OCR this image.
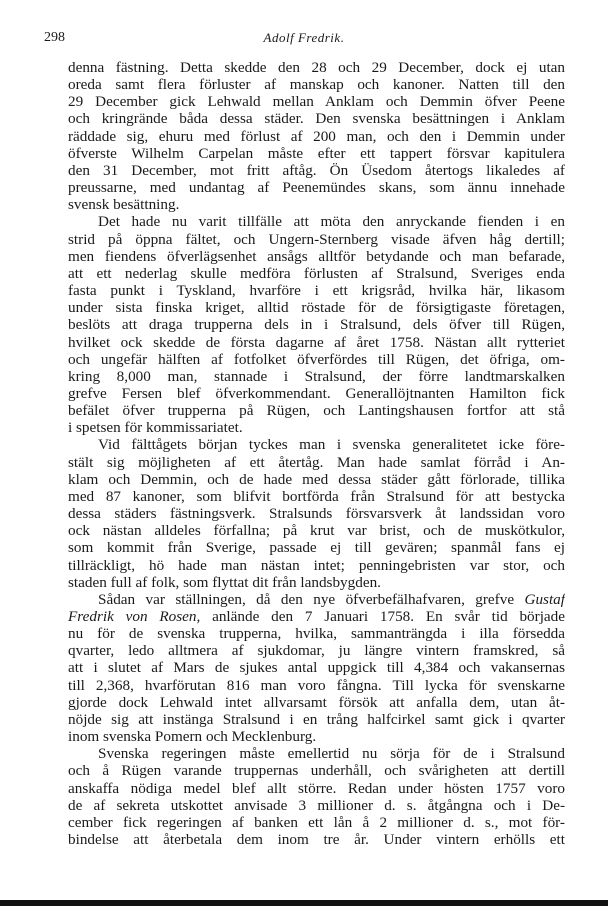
298	Adolf Fredrik.
denna fästning. Detta skedde den 28 och 29 December, dock ej utan
oreda samt flera förluster af manskap och kanoner. Natten till den
29 December gick Lehwald mellan Anklam och Demmin öfver Peene
och kringrände båda dessa städer. Den svenska besättningen i Anklam
räddade sig, ehuru med förlust af 200 man, och den i Demmin under
öfverste Wilhelm Carpelan måste efter ett tappert försvar kapitulera
den 31 December, mot fritt aftåg. Ön Üsedom återtogs likaledes af
preussarne, med undantag af Peenemündes skans, som ännu innehade
svensk besättning.
Det hade nu varit tillfälle att möta den anryckande fienden i en
strid på öppna fältet, och Ungern-Sternberg visade äfven håg dertill;
men fiendens öfverlägsenhet ansågs alltför betydande och man befarade,
att ett nederlag skulle medföra förlusten af Stralsund, Sveriges enda
fasta punkt i Tyskland, hvarföre i ett krigsråd, hvilka här, likasom
under sista finska kriget, alltid röstade för de försigtigaste företagen,
beslöts att draga trupperna dels in i Stralsund, dels öfver till Rügen,
hvilket ock skedde de första dagarne af året 1758. Nästan allt rytteriet
och ungefär hälften af fotfolket öfverfördes till Rügen, det öfriga, om-
kring 8,000 man, stannade i Stralsund, der förre landtmarskalken
grefve Fersen blef öfverkommendant. Generallöjtnanten Hamilton fick
befälet öfver trupperna på Rügen, och Lantingshausen fortfor att stå
i spetsen för kommissariatet.
Vid fälttågets början tyckes man i svenska generalitetet icke före-
stält sig möjligheten af ett återtåg. Man hade samlat förråd i An-
klam och Demmin, och de hade med dessa städer gått förlorade, tillika
med 87 kanoner, som blifvit bortförda från Stralsund för att bestycka
dessa städers fästningsverk. Stralsunds försvarsverk åt landssidan voro
ock nästan alldeles förfallna; på krut var brist, och de muskötkulor,
som kommit från Sverige, passade ej till gevären; spanmål fans ej
tillräckligt, hö hade man nästan intet; penningebristen var stor, och
staden full af folk, som flyttat dit från landsbygden.
Sådan var ställningen, då den nye öfverbefälhafvaren, grefve Gustaf
Fredrik von Rosen, anlände den 7 Januari 1758. En svår tid började
nu för de svenska trupperna, hvilka, sammanträngda i illa försedda
qvarter, ledo alltmera af sjukdomar, ju längre vintern framskred, så
att i slutet af Mars de sjukes antal uppgick till 4,384 och vakansernas
till 2,368, hvarförutan 816 man voro fångna. Till lycka för svenskarne
gjorde dock Lehwald intet allvarsamt försök att anfalla dem, utan åt-
nöjde sig att instänga Stralsund i en trång halfcirkel samt gick i qvarter
inom svenska Pomern och Mecklenburg.
Svenska regeringen måste emellertid nu sörja för de i Stralsund
och å Rügen varande truppernas underhåll, och svårigheten att dertill
anskaffa nödiga medel blef allt större. Redan under hösten 1757 voro
de af sekreta utskottet anvisade 3 millioner d. s. åtgångna och i De-
cember fick regeringen af banken ett lån å 2 millioner d. s., mot för-
bindelse att återbetala dem inom tre år. Under vintern erhölls ett
